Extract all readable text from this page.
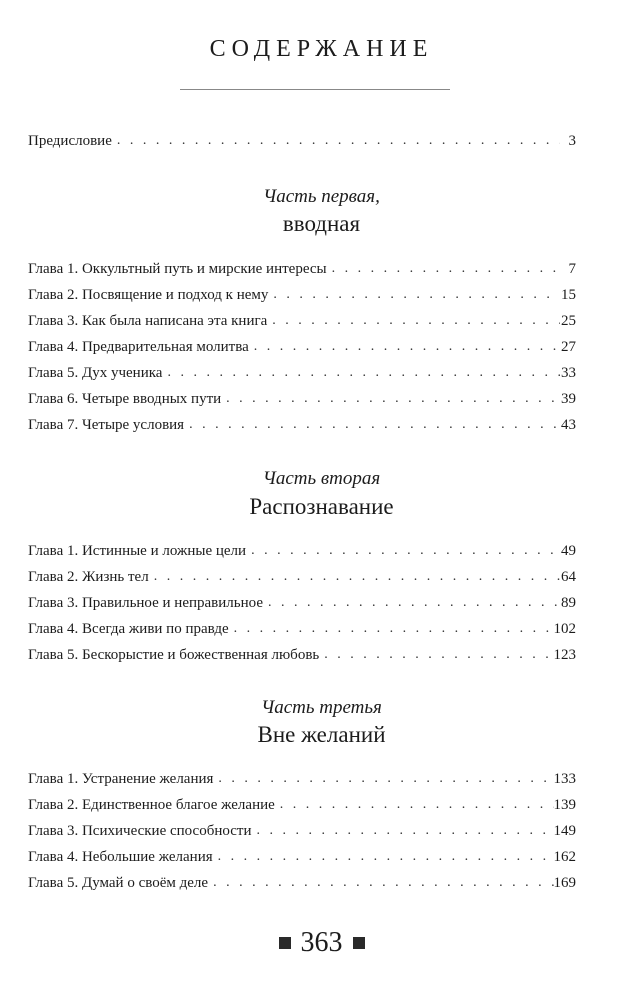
СОДЕРЖАНИЕ
Предисловие . . .	3
Часть первая,
вводная
Глава 1. Оккультный путь и мирские интересы . . .	7
Глава 2. Посвящение и подход к нему . . .	15
Глава 3. Как была написана эта книга . . .	25
Глава 4. Предварительная молитва . . .	27
Глава 5. Дух ученика . . .	33
Глава 6. Четыре вводных пути . . .	39
Глава 7. Четыре условия . . .	43
Часть вторая
Распознавание
Глава 1. Истинные и ложные цели . . .	49
Глава 2. Жизнь тел . . .	64
Глава 3. Правильное и неправильное . . .	89
Глава 4. Всегда живи по правде . . .	102
Глава 5. Бескорыстие и божественная любовь . . .	123
Часть третья
Вне желаний
Глава 1. Устранение желания . . .	133
Глава 2. Единственное благое желание . . .	139
Глава 3. Психические способности . . .	149
Глава 4. Небольшие желания . . .	162
Глава 5. Думай о своём деле . . .	169
363
